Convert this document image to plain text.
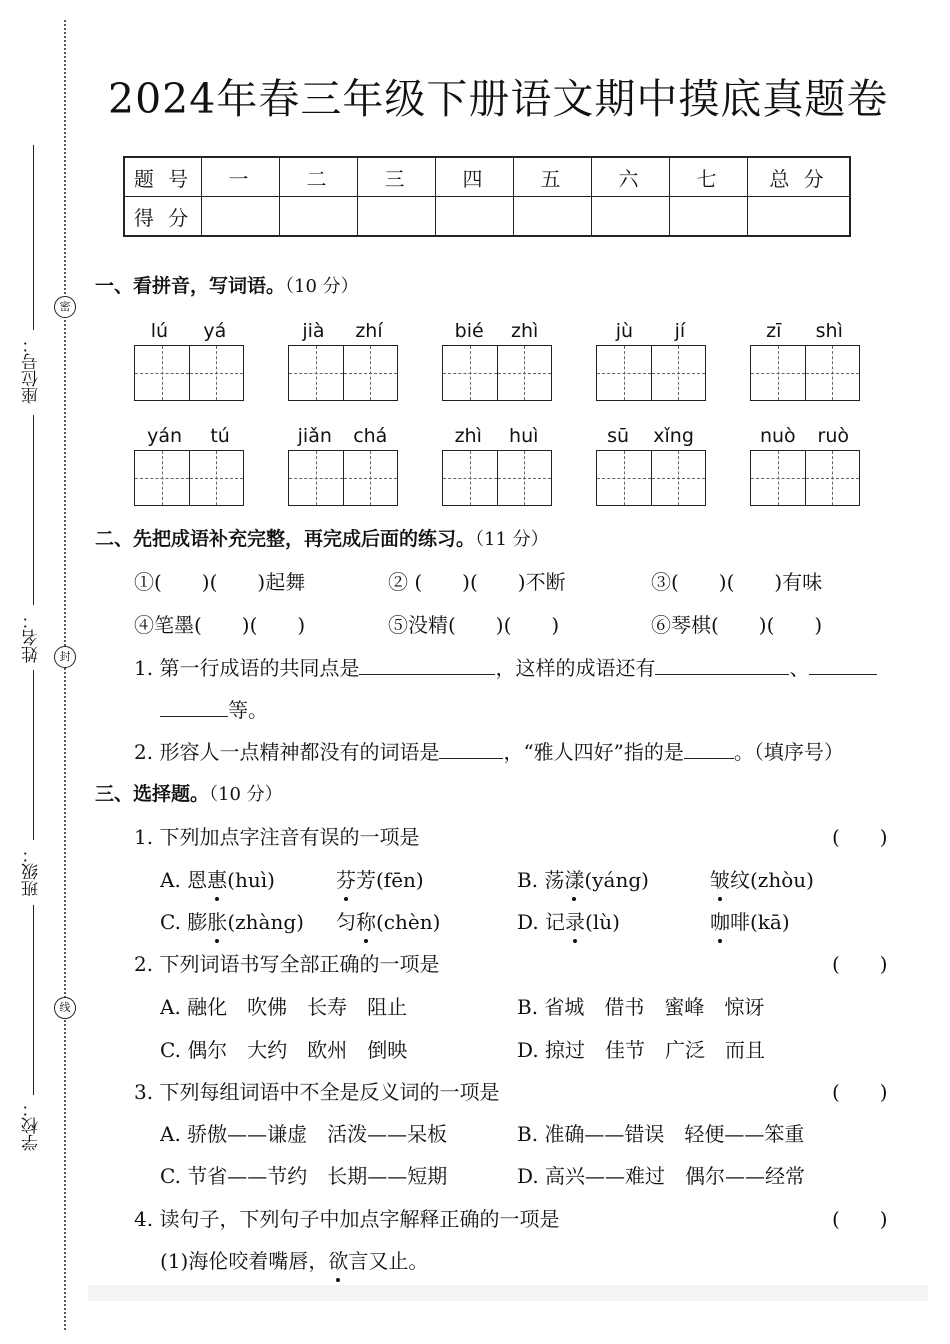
密
封
线
座位号：
姓名：
班级：
学校：
2024年春三年级下册语文期中摸底真题卷
题 号	一	二	三	四	五	六	七	总 分
得 分								
一、看拼音，写词语。（10 分）
lú yá	jià zhí	bié zhì	jù jí	zī shì
yán tú	jiǎn chá	zhì huì	sū xǐng	nuò ruò
二、先把成语补充完整，再完成后面的练习。（11 分）
①(　　)(　　)起舞	② (　　)(　　)不断	③(　　)(　　)有味
④笔墨(　　)(　　)	⑤没精(　　)(　　)	⑥琴棋(　　)(　　)
1. 第一行成语的共同点是	，这样的成语还有	、
等。
2. 形容人一点精神都没有的词语是	，“雅人四好”指的是	。（填序号）
三、选择题。（10 分）
1. 下列加点字注音有误的一项是	(　　)
A. 恩惠(huì)	芬芳(fēn)	B. 荡漾(yáng)	皱纹(zhòu)
C. 膨胀(zhàng) 匀称(chèn)	D. 记录(lù)	咖啡(kā)
2. 下列词语书写全部正确的一项是	(　　)
A. 融化　吹佛　长寿　阻止	B. 省城　借书　蜜峰　惊讶
C. 偶尔　大约　欧州　倒映	D. 掠过　佳节　广泛　而且
3. 下列每组词语中不全是反义词的一项是	(　　)
A. 骄傲——谦虚　活泼——呆板	B. 准确——错误　轻便——笨重
C. 节省——节约　长期——短期	D. 高兴——难过　偶尔——经常
4. 读句子，下列句子中加点字解释正确的一项是	(　　)
(1)海伦咬着嘴唇，欲言又止。
